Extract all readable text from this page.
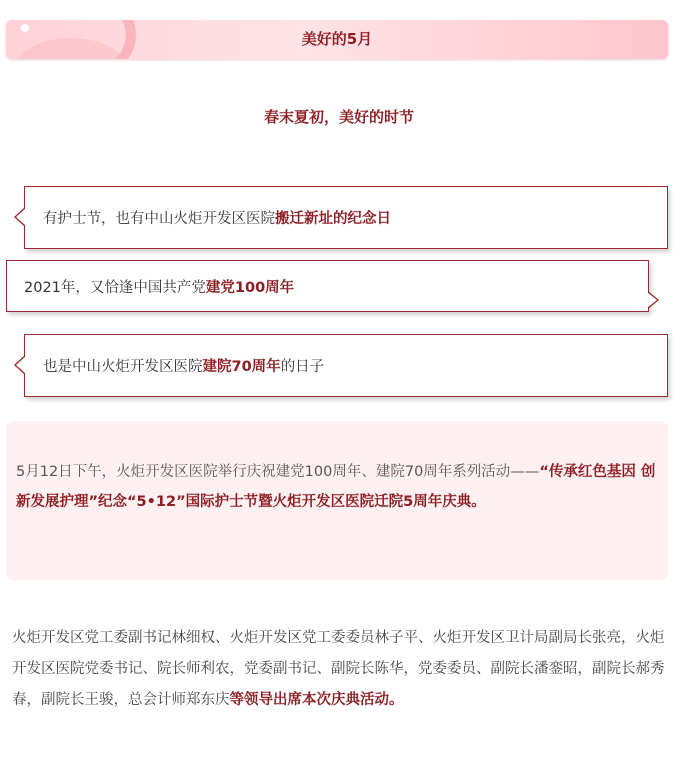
美好的5月
春末夏初，美好的时节
有护士节，也有中山火炬开发区医院 搬迁新址的纪念日
2021年，又恰逢中国共产党 建党100周年
也是中山火炬开发区医院 建院70周年 的日子
5月12日下午，火炬开发区医院举行庆祝建党100周年、建院70周年系列活动——“传承红色基因 创新发展护理”纪念“5•12”国际护士节暨火炬开发区医院迁院5周年庆典。
火炬开发区党工委副书记林细权、火炬开发区党工委委员林子平、火炬开发区卫计局副局长张亮，火炬开发区医院党委书记、院长师利农，党委副书记、副院长陈华，党委委员、副院长潘銮昭，副院长郝秀春，副院长王骏，总会计师郑东庆等领导出席本次庆典活动。
